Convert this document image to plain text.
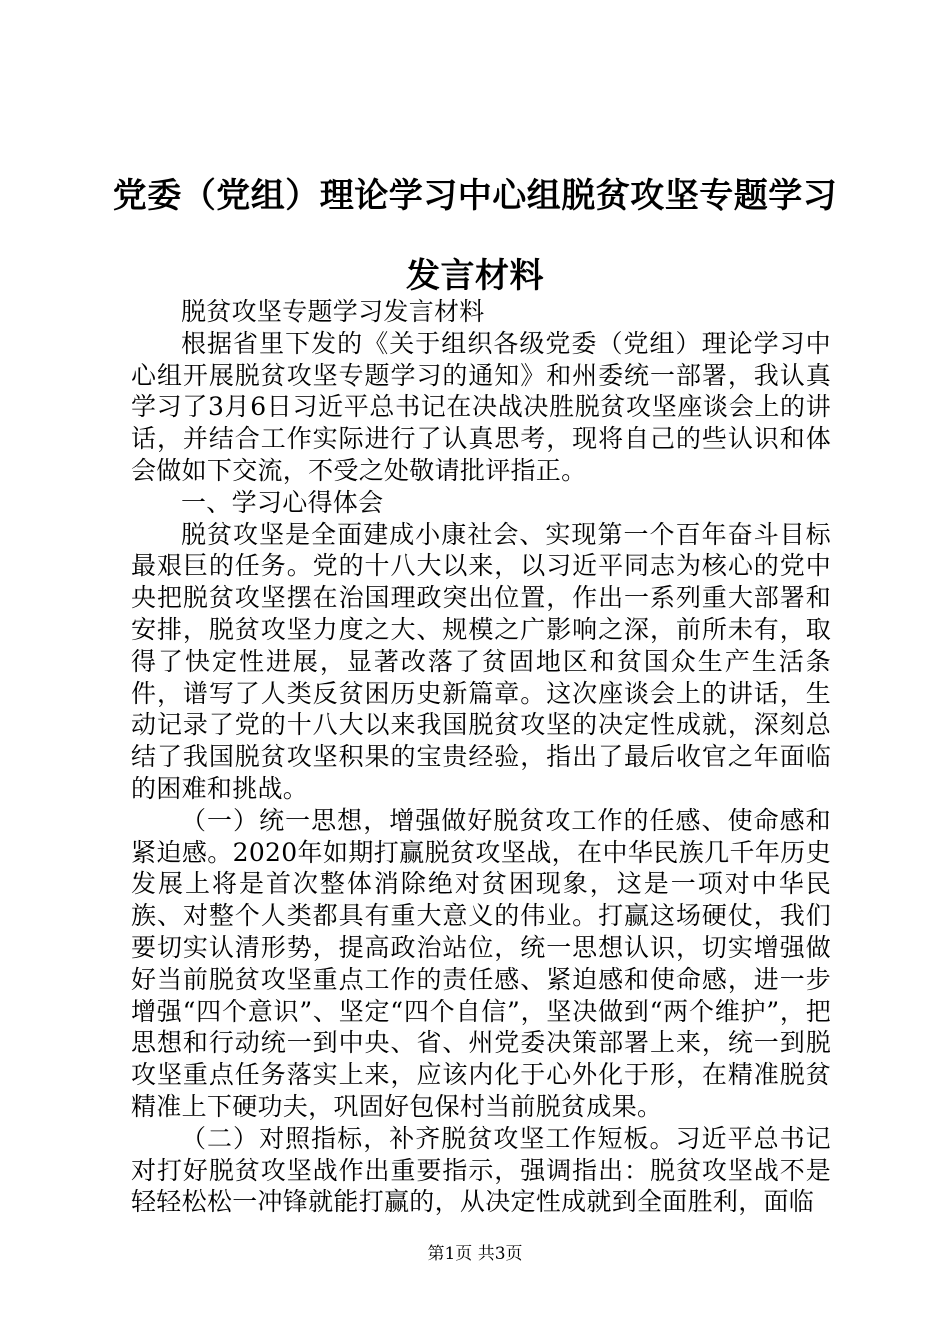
党委（党组）理论学习中心组脱贫攻坚专题学习发言材料

脱贫攻坚专题学习发言材料

根据省里下发的《关于组织各级党委（党组）理论学习中心组开展脱贫攻坚专题学习的通知》和州委统一部署，我认真学习了3月6日习近平总书记在决战决胜脱贫攻坚座谈会上的讲话，并结合工作实际进行了认真思考，现将自己的些认识和体会做如下交流，不受之处敬请批评指正。

一、学习心得体会

脱贫攻坚是全面建成小康社会、实现第一个百年奋斗目标最艰巨的任务。党的十八大以来，以习近平同志为核心的党中央把脱贫攻坚摆在治国理政突出位置，作出一系列重大部署和安排，脱贫攻坚力度之大、规模之广影响之深，前所未有，取得了快定性进展，显著改落了贫固地区和贫国众生产生活条件，谱写了人类反贫困历史新篇章。这次座谈会上的讲话，生动记录了党的十八大以来我国脱贫攻坚的决定性成就，深刻总结了我国脱贫攻坚积果的宝贵经验，指出了最后收官之年面临的困难和挑战。

（一）统一思想，增强做好脱贫攻工作的任感、使命感和紧迫感。2020年如期打赢脱贫攻坚战，在中华民族几千年历史发展上将是首次整体消除绝对贫困现象，这是一项对中华民族、对整个人类都具有重大意义的伟业。打赢这场硬仗，我们要切实认清形势，提高政治站位，统一思想认识，切实增强做好当前脱贫攻坚重点工作的责任感、紧迫感和使命感，进一步增强“四个意识”、坚定“四个自信”，坚决做到“两个维护”，把思想和行动统一到中央、省、州党委决策部署上来，统一到脱攻坚重点任务落实上来，应该内化于心外化于形，在精准脱贫精准上下硬功夫，巩固好包保村当前脱贫成果。

（二）对照指标，补齐脱贫攻坚工作短板。习近平总书记对打好脱贫攻坚战作出重要指示，强调指出：脱贫攻坚战不是轻轻松松一冲锋就能打赢的，从决定性成就到全面胜利，面临

第1页 共3页
